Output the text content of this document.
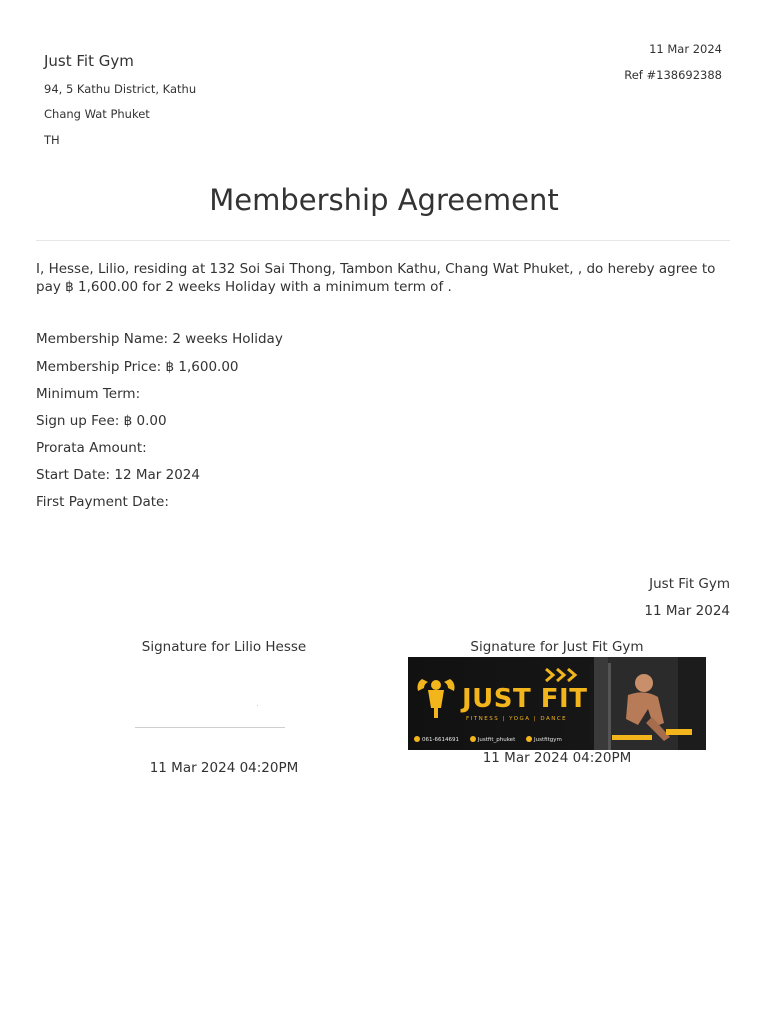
Just Fit Gym
94, 5 Kathu District, Kathu
Chang Wat Phuket
TH
11 Mar 2024
Ref #138692388
Membership Agreement
I, Hesse, Lilio, residing at 132 Soi Sai Thong, Tambon Kathu, Chang Wat Phuket, , do hereby agree to pay ฿ 1,600.00 for 2 weeks Holiday with a minimum term of .
Membership Name: 2 weeks Holiday
Membership Price: ฿ 1,600.00
Minimum Term:
Sign up Fee: ฿ 0.00
Prorata Amount:
Start Date: 12 Mar 2024
First Payment Date:
Just Fit Gym
11 Mar 2024
Signature for Lilio Hesse	Signature for Just Fit Gym
11 Mar 2024 04:20PM
JUST FIT
FITNESS | YOGA | DANCE
061-6614691	Justfit_phuket	Justfitgym
11 Mar 2024 04:20PM
